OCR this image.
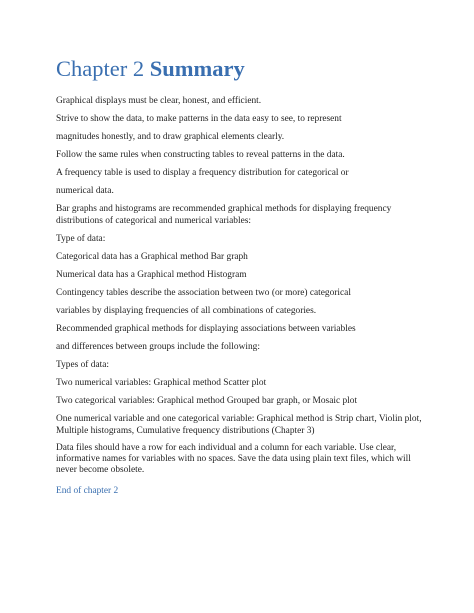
Chapter 2 Summary
Graphical displays must be clear, honest, and efficient.
Strive to show the data, to make patterns in the data easy to see, to represent
magnitudes honestly, and to draw graphical elements clearly.
Follow the same rules when constructing tables to reveal patterns in the data.
A frequency table is used to display a frequency distribution for categorical or
numerical data.
Bar graphs and histograms are recommended graphical methods for displaying frequency
distributions of categorical and numerical variables:
Type of data:
Categorical data has a Graphical method Bar graph
Numerical data has a Graphical method Histogram
Contingency tables describe the association between two (or more) categorical
variables by displaying frequencies of all combinations of categories.
Recommended graphical methods for displaying associations between variables
and differences between groups include the following:
Types of data:
Two numerical variables: Graphical method Scatter plot
Two categorical variables: Graphical method Grouped bar graph, or Mosaic plot
One numerical variable and one categorical variable: Graphical method is Strip chart, Violin plot,
Multiple histograms, Cumulative frequency distributions (Chapter 3)
Data files should have a row for each individual and a column for each variable. Use clear,
informative names for variables with no spaces. Save the data using plain text files, which will
never become obsolete.
End of chapter 2
